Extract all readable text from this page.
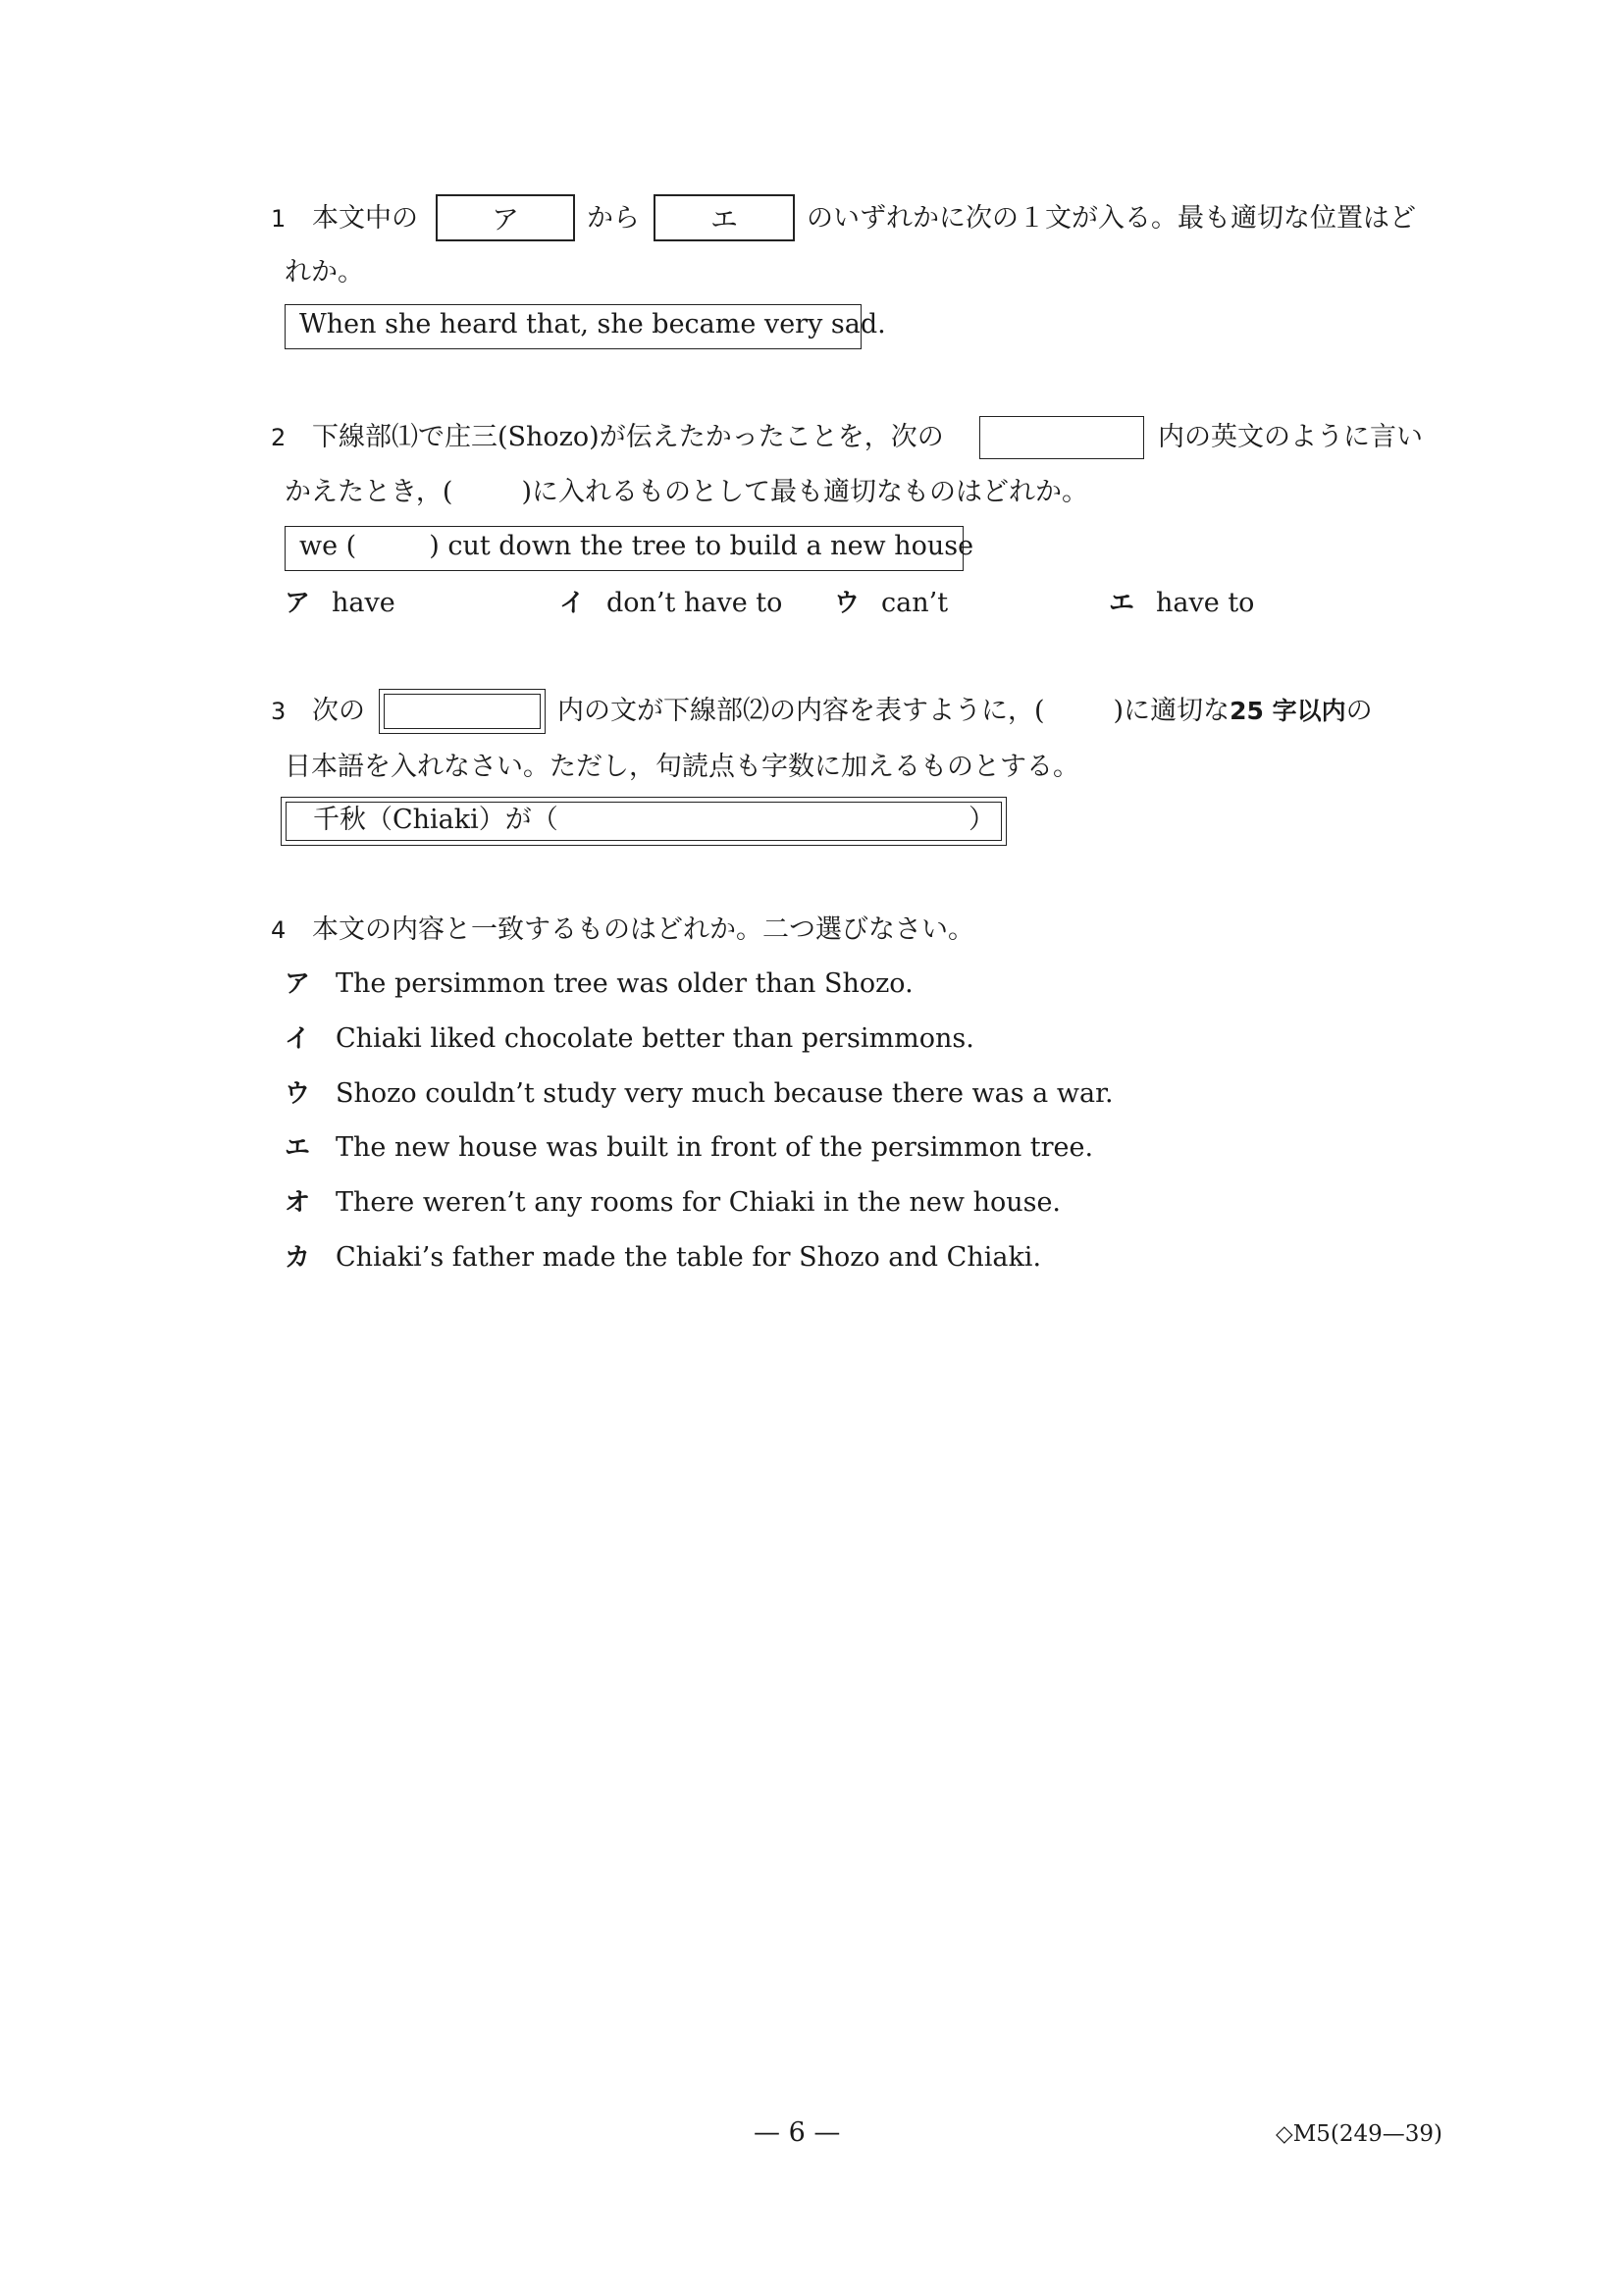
1 本文中の	ア	から	エ	のいずれかに次の１文が入る。最も適切な位置はど
れか。
When she heard that, she became very sad.
2 下線部⑴で庄三(Shozo)が伝えたかったことを，次の	内の英文のように言い
かえたとき，(	)に入れるものとして最も適切なものはどれか。
we (	) cut down the tree to build a new house
ア have	イ don’t have to ウ can’t	エ have to
3 次の	内の文が下線部⑵の内容を表すように，(	)に適切な25 字以内の
日本語を入れなさい。ただし，句読点も字数に加えるものとする。
千秋（Chiaki）が（	）
4 本文の内容と一致するものはどれか。二つ選びなさい。
ア The persimmon tree was older than Shozo.
イ Chiaki liked chocolate better than persimmons.
ウ Shozo couldn’t study very much because there was a war.
エ The new house was built in front of the persimmon tree.
オ There weren’t any rooms for Chiaki in the new house.
カ Chiaki’s father made the table for Shozo and Chiaki.
— 6 —	◇M5(249—39)
